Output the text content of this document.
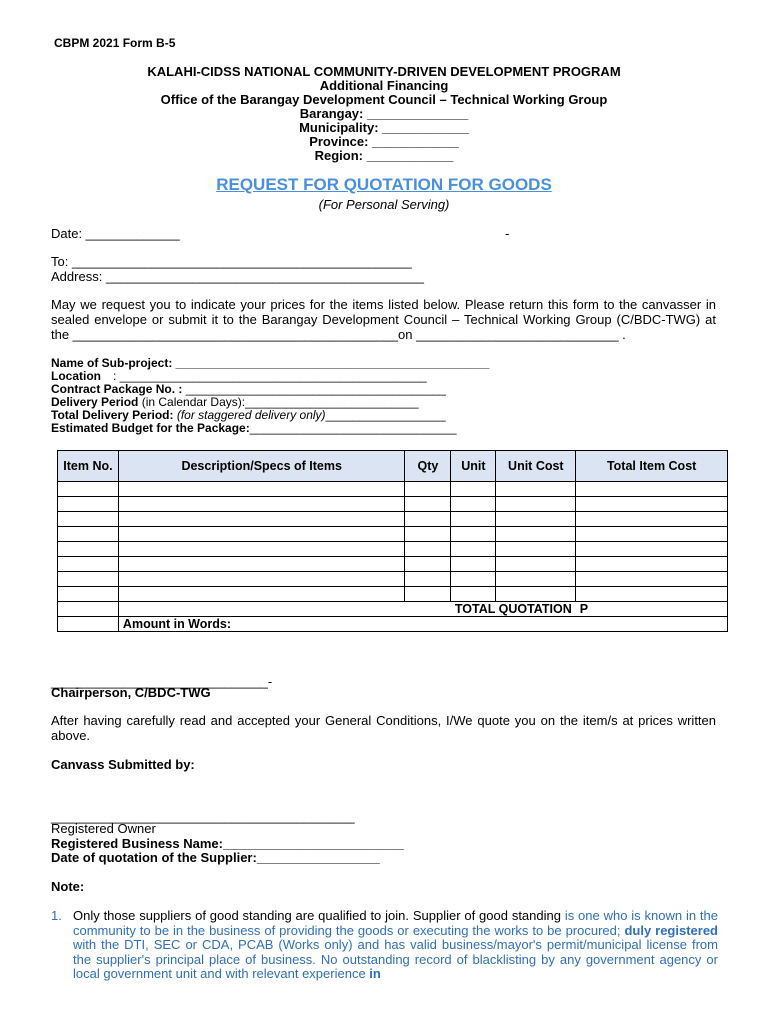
CBPM 2021 Form B-5
KALAHI-CIDSS NATIONAL COMMUNITY-DRIVEN DEVELOPMENT PROGRAM
Additional Financing
Office of the Barangay Development Council – Technical Working Group
Barangay: ______________
Municipality: ____________
Province: ____________
Region: ____________
REQUEST FOR QUOTATION FOR GOODS
(For Personal Serving)
Date: _____________	-
To: _______________________________________________
Address: ____________________________________________
May we request you to indicate your prices for the items listed below. Please return this form to the canvasser in sealed envelope or submit it to the Barangay Development Council – Technical Working Group (C/BDC-TWG) at the _____________________________________________on ____________________________ .
Name of Sub-project: _______________________________________________
Location : ______________________________________________
Contract Package No. : _______________________________________
Delivery Period (in Calendar Days):__________________________
Total Delivery Period: (for staggered delivery only)__________________
Estimated Budget for the Package:_______________________________
Item No.	Description/Specs of Items	Qty	Unit	Unit Cost	Total Item Cost

	TOTAL QUOTATION				P
	Amount in Words:				
______________________________-
Chairperson, C/BDC-TWG
After having carefully read and accepted your General Conditions, I/We quote you on the item/s at prices written above.
Canvass Submitted by:
__________________________________________
Registered Owner
Registered Business Name:_________________________
Date of quotation of the Supplier:_________________
Note:
1. Only those suppliers of good standing are qualified to join. Supplier of good standing is one who is known in the community to be in the business of providing the goods or executing the works to be procured; duly registered with the DTI, SEC or CDA, PCAB (Works only) and has valid business/mayor's permit/municipal license from the supplier's principal place of business. No outstanding record of blacklisting by any government agency or local government unit and with relevant experience in
